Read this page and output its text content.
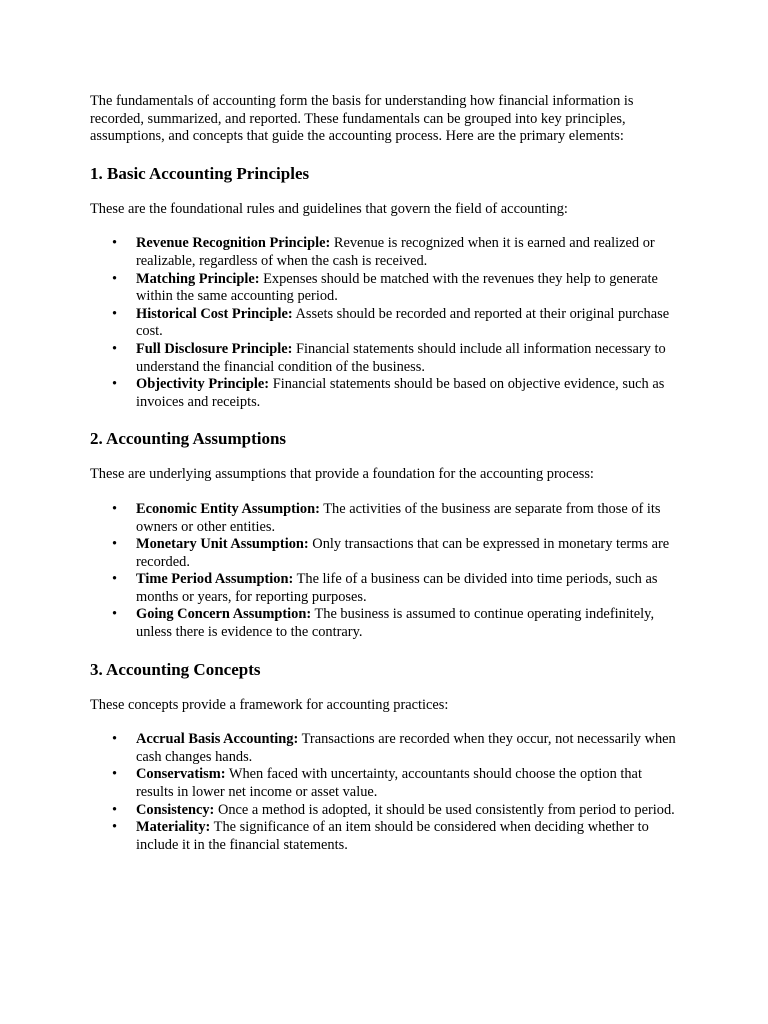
The fundamentals of accounting form the basis for understanding how financial information is recorded, summarized, and reported. These fundamentals can be grouped into key principles, assumptions, and concepts that guide the accounting process. Here are the primary elements:

1. Basic Accounting Principles

These are the foundational rules and guidelines that govern the field of accounting:

• Revenue Recognition Principle: Revenue is recognized when it is earned and realized or realizable, regardless of when the cash is received.
• Matching Principle: Expenses should be matched with the revenues they help to generate within the same accounting period.
• Historical Cost Principle: Assets should be recorded and reported at their original purchase cost.
• Full Disclosure Principle: Financial statements should include all information necessary to understand the financial condition of the business.
• Objectivity Principle: Financial statements should be based on objective evidence, such as invoices and receipts.
2. Accounting Assumptions

These are underlying assumptions that provide a foundation for the accounting process:

• Economic Entity Assumption: The activities of the business are separate from those of its owners or other entities.
• Monetary Unit Assumption: Only transactions that can be expressed in monetary terms are recorded.
• Time Period Assumption: The life of a business can be divided into time periods, such as months or years, for reporting purposes.
• Going Concern Assumption: The business is assumed to continue operating indefinitely, unless there is evidence to the contrary.
3. Accounting Concepts

These concepts provide a framework for accounting practices:

• Accrual Basis Accounting: Transactions are recorded when they occur, not necessarily when cash changes hands.
• Conservatism: When faced with uncertainty, accountants should choose the option that results in lower net income or asset value.
• Consistency: Once a method is adopted, it should be used consistently from period to period.
• Materiality: The significance of an item should be considered when deciding whether to include it in the financial statements.
